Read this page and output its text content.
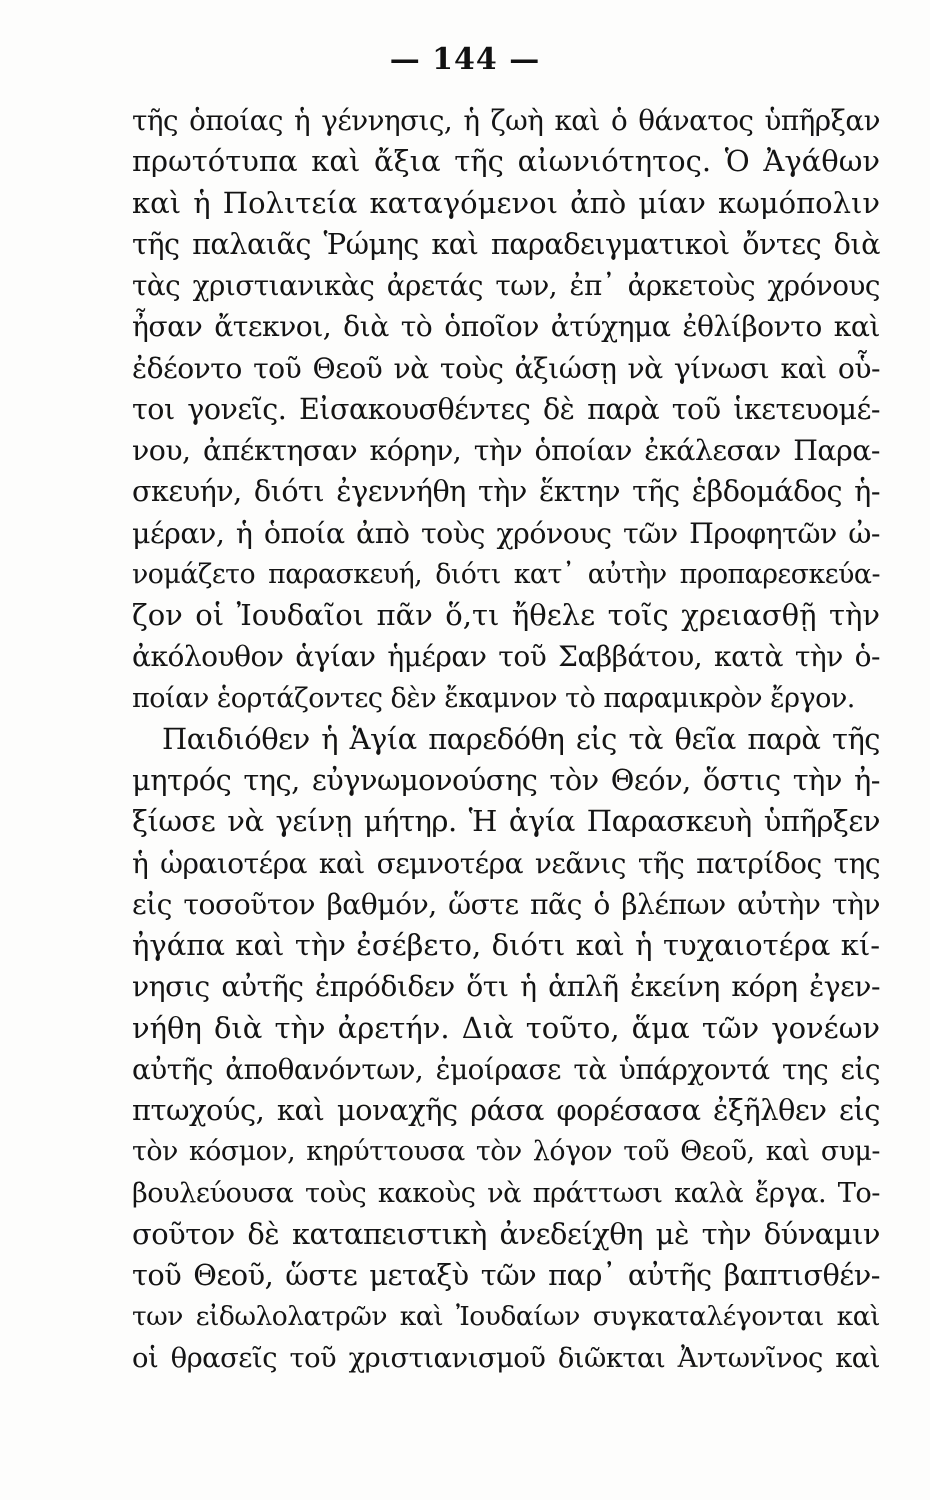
— 144 —
τῆς ὁποίας ἡ γέννησις, ἡ ζωὴ καὶ ὁ θάνατος ὑπῆρξαν
πρωτότυπα καὶ ἄξια τῆς αἰωνιότητος. Ὁ Ἀγάθων
καὶ ἡ Πολιτεία καταγόμενοι ἀπὸ μίαν κωμόπολιν
τῆς παλαιᾶς Ῥώμης καὶ παραδειγματικοὶ ὄντες διὰ
τὰς χριστιανικὰς ἀρετάς των, ἐπ᾽ ἀρκετοὺς χρόνους
ἦσαν ἄτεκνοι, διὰ τὸ ὁποῖον ἀτύχημα ἐθλίβοντο καὶ
ἐδέοντο τοῦ Θεοῦ νὰ τοὺς ἀξιώσῃ νὰ γίνωσι καὶ οὗ-
τοι γονεῖς. Εἰσακουσθέντες δὲ παρὰ τοῦ ἱκετευομέ-
νου, ἀπέκτησαν κόρην, τὴν ὁποίαν ἐκάλεσαν Παρα-
σκευήν, διότι ἐγεννήθη τὴν ἕκτην τῆς ἑβδομάδος ἡ-
μέραν, ἡ ὁποία ἀπὸ τοὺς χρόνους τῶν Προφητῶν ὠ-
νομάζετο παρασκευή, διότι κατ᾽ αὐτὴν προπαρεσκεύα-
ζον οἱ Ἰουδαῖοι πᾶν ὅ,τι ἤθελε τοῖς χρειασθῇ τὴν
ἀκόλουθον ἁγίαν ἡμέραν τοῦ Σαββάτου, κατὰ τὴν ὁ-
ποίαν ἑορτάζοντες δὲν ἔκαμνον τὸ παραμικρὸν ἔργον.
Παιδιόθεν ἡ Ἁγία παρεδόθη εἰς τὰ θεῖα παρὰ τῆς
μητρός της, εὐγνωμονούσης τὸν Θεόν, ὅστις τὴν ἠ-
ξίωσε νὰ γείνῃ μήτηρ. Ἡ ἁγία Παρασκευὴ ὑπῆρξεν
ἡ ὡραιοτέρα καὶ σεμνοτέρα νεᾶνις τῆς πατρίδος της
εἰς τοσοῦτον βαθμόν, ὥστε πᾶς ὁ βλέπων αὐτὴν τὴν
ἠγάπα καὶ τὴν ἐσέβετο, διότι καὶ ἡ τυχαιοτέρα κί-
νησις αὐτῆς ἐπρόδιδεν ὅτι ἡ ἁπλῆ ἐκείνη κόρη ἐγεν-
νήθη διὰ τὴν ἀρετήν. Διὰ τοῦτο, ἅμα τῶν γονέων
αὐτῆς ἀποθανόντων, ἐμοίρασε τὰ ὑπάρχοντά της εἰς
πτωχούς, καὶ μοναχῆς ράσα φορέσασα ἐξῆλθεν εἰς
τὸν κόσμον, κηρύττουσα τὸν λόγον τοῦ Θεοῦ, καὶ συμ-
βουλεύουσα τοὺς κακοὺς νὰ πράττωσι καλὰ ἔργα. Το-
σοῦτον δὲ καταπειστικὴ ἀνεδείχθη μὲ τὴν δύναμιν
τοῦ Θεοῦ, ὥστε μεταξὺ τῶν παρ᾽ αὐτῆς βαπτισθέν-
των εἰδωλολατρῶν καὶ Ἰουδαίων συγκαταλέγονται καὶ
οἱ θρασεῖς τοῦ χριστιανισμοῦ διῶκται Ἀντωνῖνος καὶ
